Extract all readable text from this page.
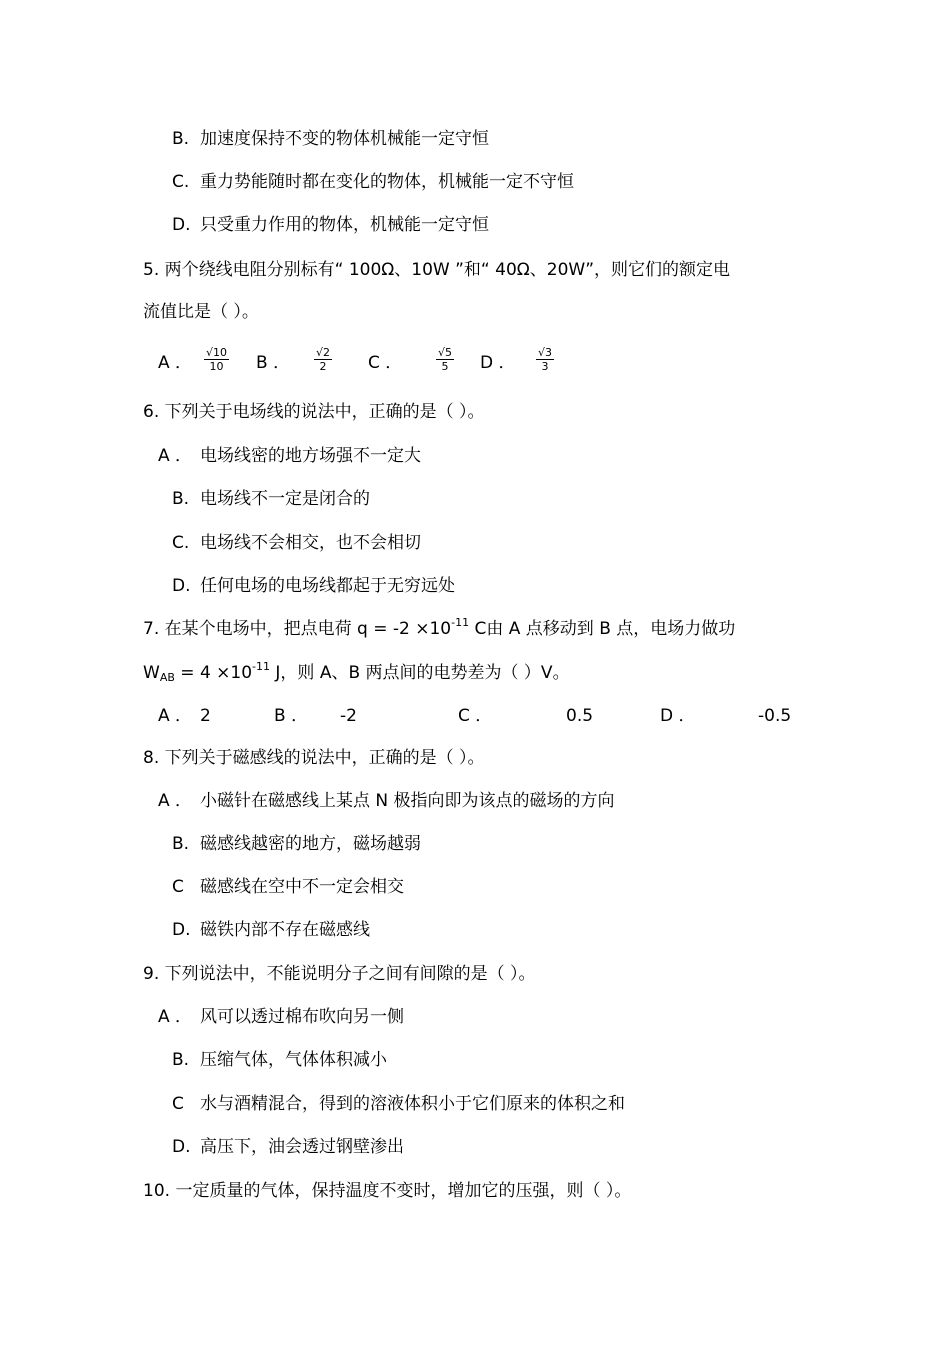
B. 加速度保持不变的物体机械能一定守恒
C. 重力势能随时都在变化的物体，机械能一定不守恒
D. 只受重力作用的物体，机械能一定守恒
5. 两个绕线电阻分别标有“ 100Ω、10W ”和“ 40Ω、20W”，则它们的额定电
流值比是（ ）。
A ． $\frac{√10}{10}$ B ． $\frac{√2}{2}$ C ．	$\frac{√5}{5}$ D ． $\frac{√3}{3}$
6. 下列关于电场线的说法中，正确的是（ ）。
A ． 电场线密的地方场强不一定大
B. 电场线不一定是闭合的
C. 电场线不会相交，也不会相切
D. 任何电场的电场线都起于无穷远处
7. 在某个电场中，把点电荷 $q = -2 \times 10^{-11}$ C由 A 点移动到 B 点，电场力做功
$W_{AB} = 4 \times 10^{-11}$ J，则 A、B 两点间的电势差为（ ）V。
A ． 2	B ． -2	C ．	0.5	D ．	-0.5
8. 下列关于磁感线的说法中，正确的是（ ）。
A ． 小磁针在磁感线上某点 N 极指向即为该点的磁场的方向
B. 磁感线越密的地方，磁场越弱
C 磁感线在空中不一定会相交
D. 磁铁内部不存在磁感线
9. 下列说法中，不能说明分子之间有间隙的是（ ）。
A ． 风可以透过棉布吹向另一侧
B. 压缩气体，气体体积减小
C 水与酒精混合，得到的溶液体积小于它们原来的体积之和
D. 高压下，油会透过钢壁渗出
10. 一定质量的气体，保持温度不变时，增加它的压强，则（ ）。
